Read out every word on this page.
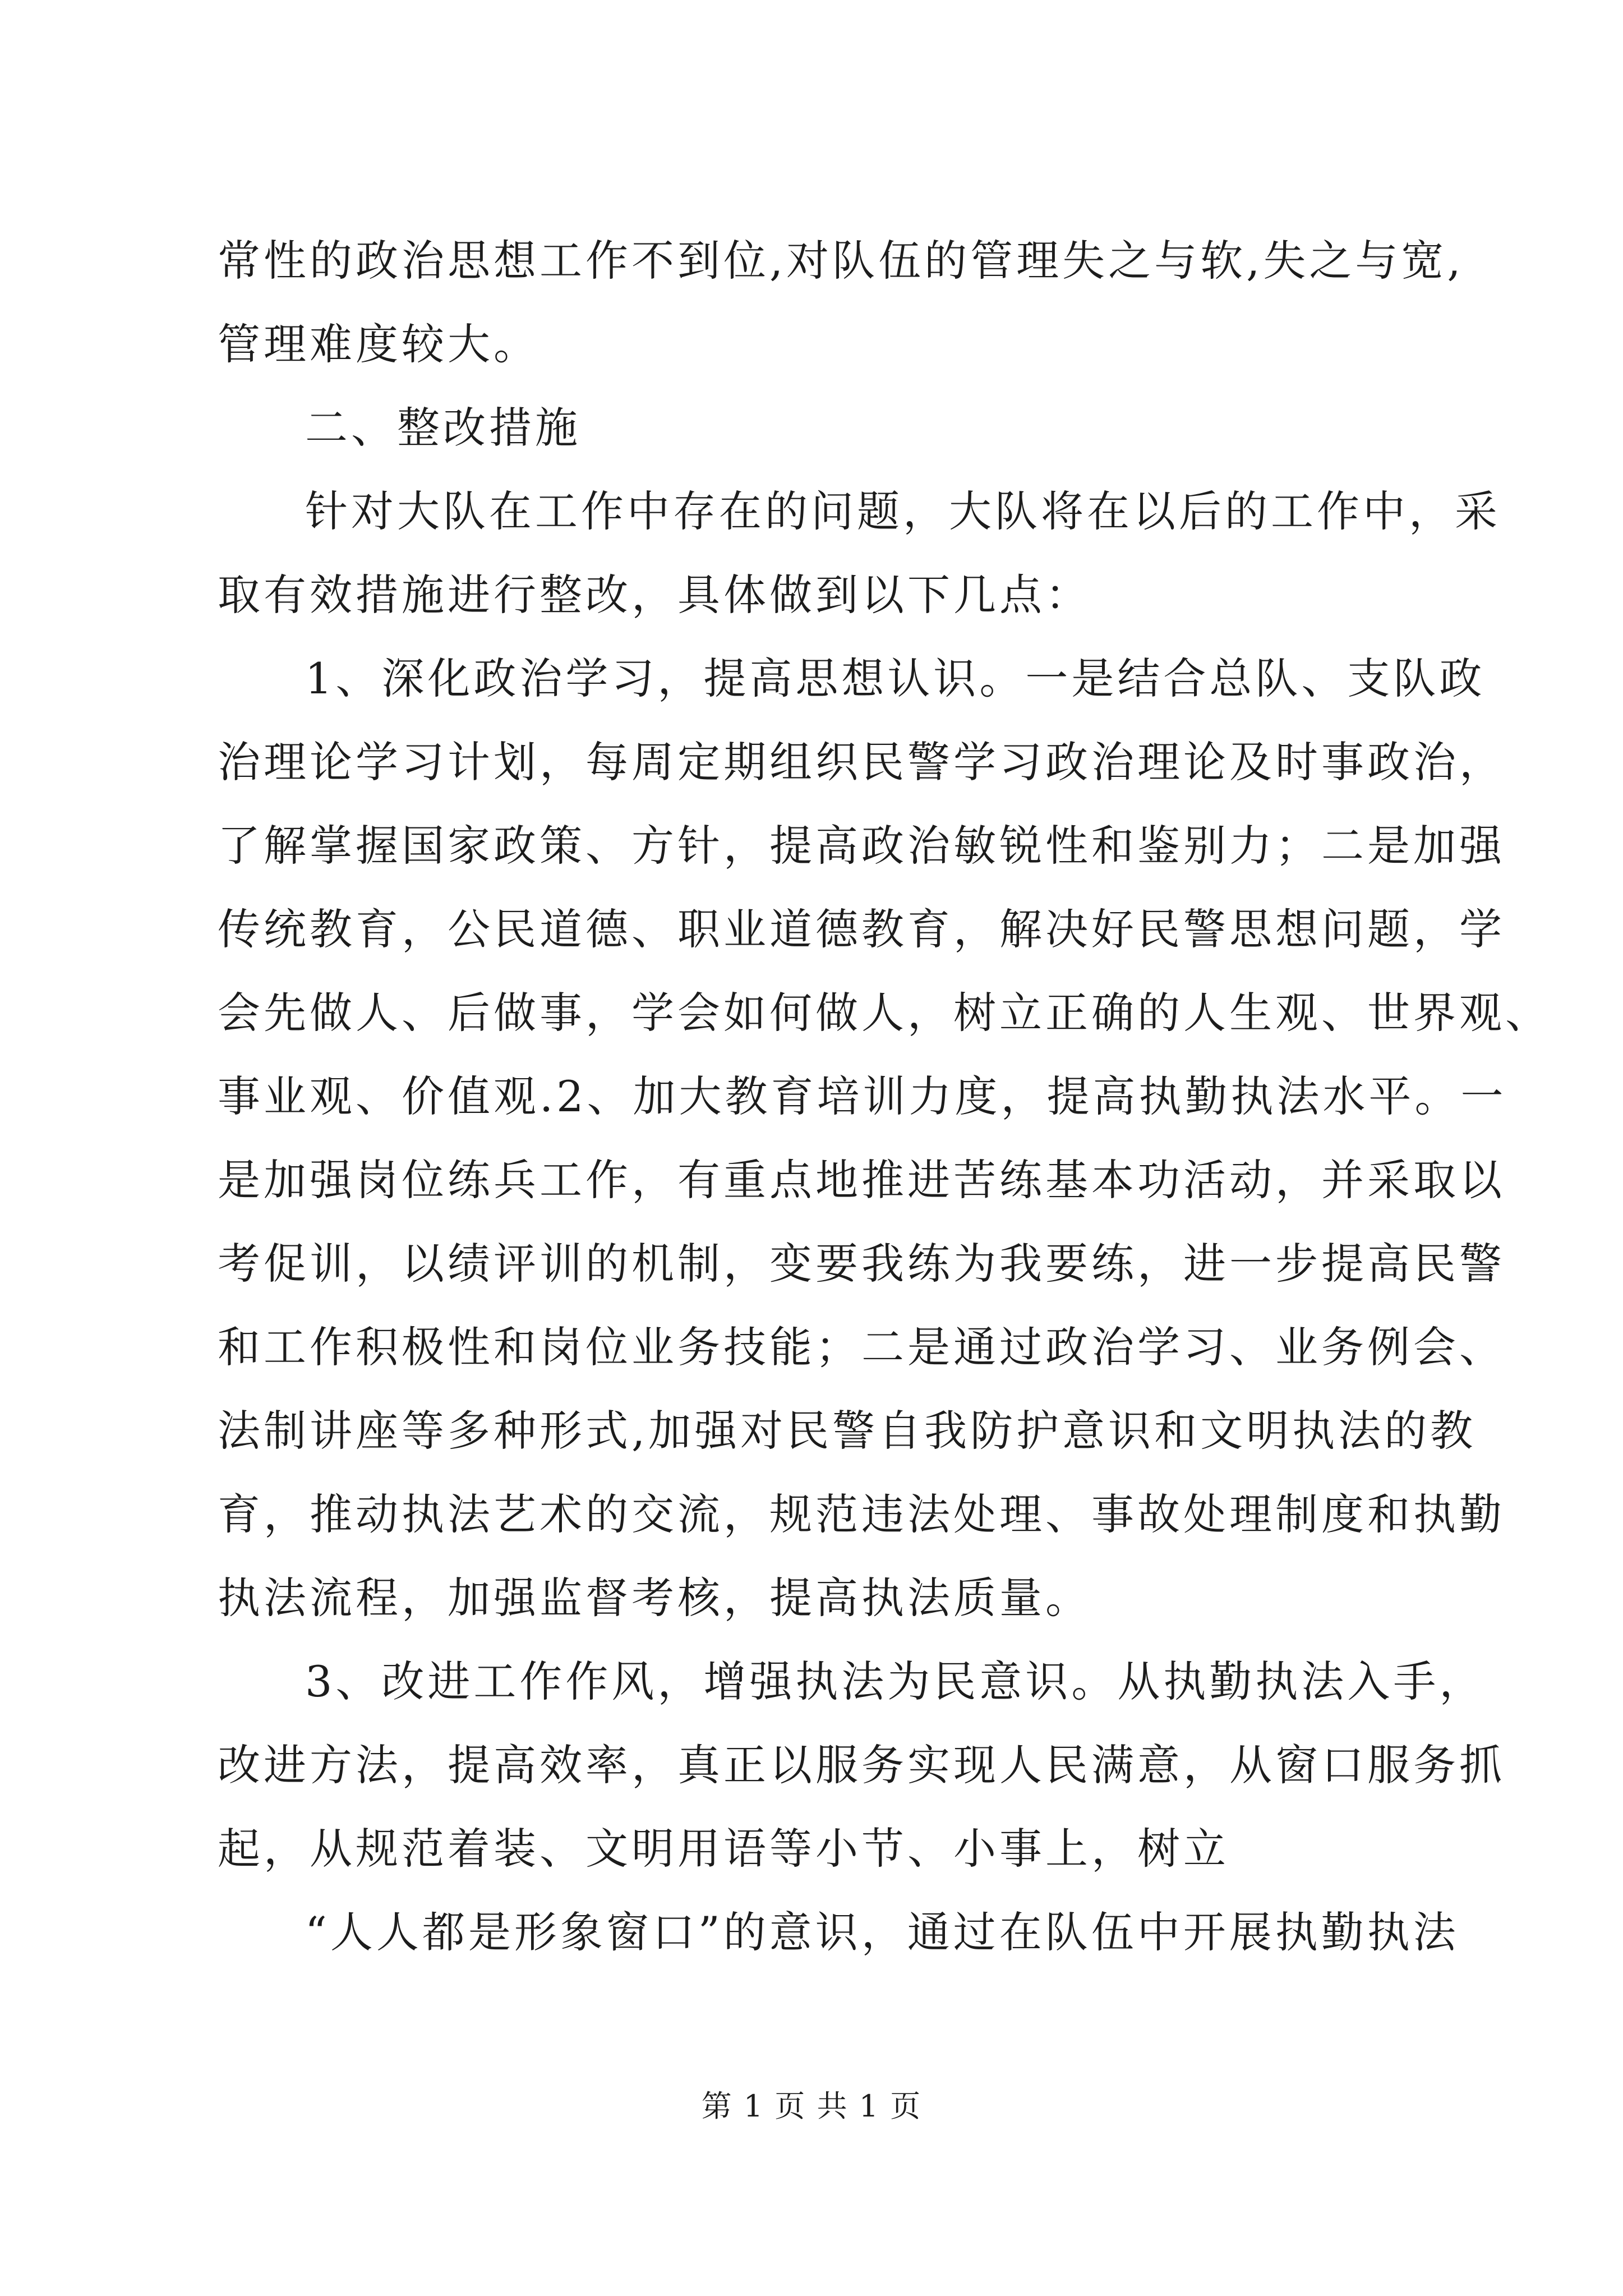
常性的政治思想工作不到位,对队伍的管理失之与软,失之与宽,
管理难度较大。
二、整改措施
针对大队在工作中存在的问题，大队将在以后的工作中，采
取有效措施进行整改，具体做到以下几点：
1、深化政治学习，提高思想认识。一是结合总队、支队政
治理论学习计划，每周定期组织民警学习政治理论及时事政治，
了解掌握国家政策、方针，提高政治敏锐性和鉴别力；二是加强
传统教育，公民道德、职业道德教育，解决好民警思想问题，学
会先做人、后做事，学会如何做人，树立正确的人生观、世界观、
事业观、价值观.2、加大教育培训力度，提高执勤执法水平。一
是加强岗位练兵工作，有重点地推进苦练基本功活动，并采取以
考促训，以绩评训的机制，变要我练为我要练，进一步提高民警
和工作积极性和岗位业务技能；二是通过政治学习、业务例会、
法制讲座等多种形式,加强对民警自我防护意识和文明执法的教
育，推动执法艺术的交流，规范违法处理、事故处理制度和执勤
执法流程，加强监督考核，提高执法质量。
3、改进工作作风，增强执法为民意识。从执勤执法入手，
改进方法，提高效率，真正以服务实现人民满意，从窗口服务抓
起，从规范着装、文明用语等小节、小事上，树立
“人人都是形象窗口”的意识，通过在队伍中开展执勤执法
第 1 页 共 1 页
